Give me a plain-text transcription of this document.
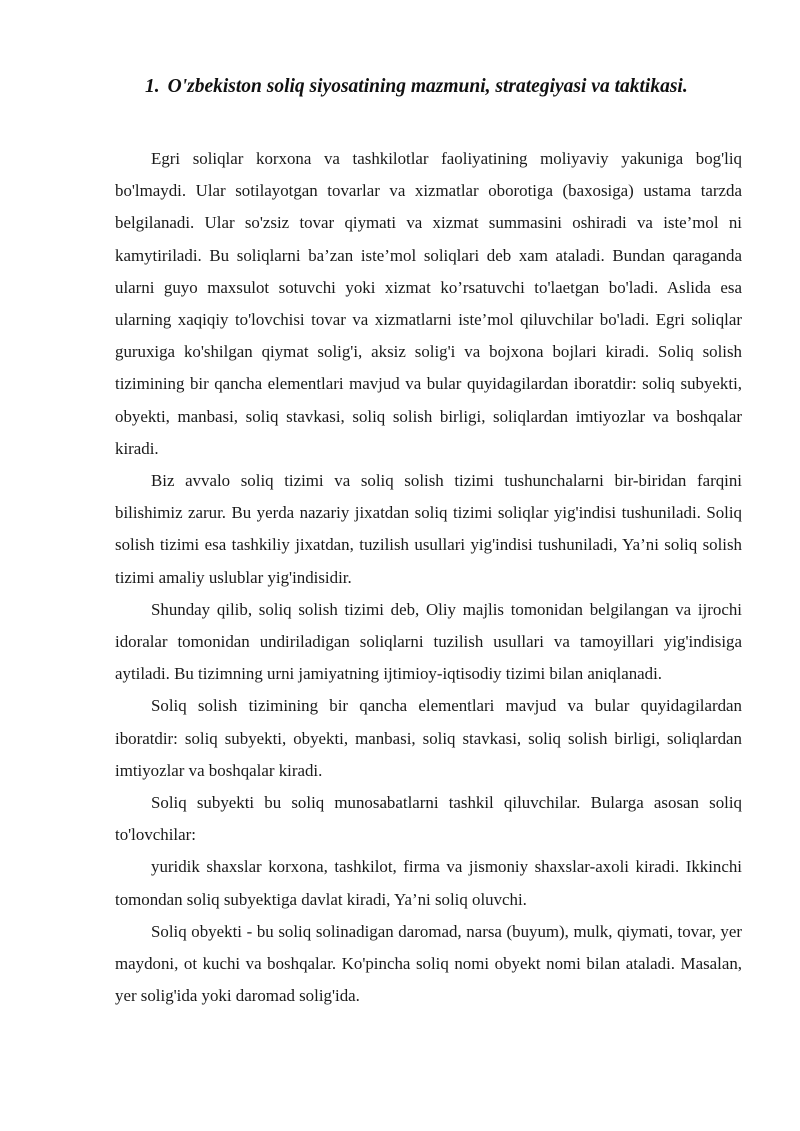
1. O'zbekiston soliq siyosatining mazmuni, strategiyasi va taktikasi.

Egri soliqlar korxona va tashkilotlar faoliyatining moliyaviy yakuniga bog'liq bo'lmaydi. Ular sotilayotgan tovarlar va xizmatlar oborotiga (baxosiga) ustama tarzda belgilanadi. Ular so'zsiz tovar qiymati va xizmat summasini oshiradi va iste’mol ni kamytiriladi. Bu soliqlarni ba’zan iste’mol soliqlari deb xam ataladi. Bundan qaraganda ularni guyo maxsulot sotuvchi yoki xizmat ko’rsatuvchi to'laetgan bo'ladi. Aslida esa ularning xaqiqiy to'lovchisi tovar va xizmatlarni iste’mol qiluvchilar bo'ladi. Egri soliqlar guruxiga ko'shilgan qiymat solig'i, aksiz solig'i va bojxona bojlari kiradi. Soliq solish tizimining bir qancha elementlari mavjud va bular quyidagilardan iboratdir: soliq subyekti, obyekti, manbasi, soliq stavkasi, soliq solish birligi, soliqlardan imtiyozlar va boshqalar kiradi.

Biz avvalo soliq tizimi va soliq solish tizimi tushunchalarni bir-biridan farqini bilishimiz zarur. Bu yerda nazariy jixatdan soliq tizimi soliqlar yig'indisi tushuniladi. Soliq solish tizimi esa tashkiliy jixatdan, tuzilish usullari yig'indisi tushuniladi, Ya’ni soliq solish tizimi amaliy uslublar yig'indisidir.

Shunday qilib, soliq solish tizimi deb, Oliy majlis tomonidan belgilangan va ijrochi idoralar tomonidan undiriladigan soliqlarni tuzilish usullari va tamoyillari yig'indisiga aytiladi. Bu tizimning urni jamiyatning ijtimioy-iqtisodiy tizimi bilan aniqlanadi.

Soliq solish tizimining bir qancha elementlari mavjud va bular quyidagilardan iboratdir: soliq subyekti, obyekti, manbasi, soliq stavkasi, soliq solish birligi, soliqlardan imtiyozlar va boshqalar kiradi.

Soliq subyekti bu soliq munosabatlarni tashkil qiluvchilar. Bularga asosan soliq to'lovchilar:

yuridik shaxslar korxona, tashkilot, firma va jismoniy shaxslar-axoli kiradi. Ikkinchi tomondan soliq subyektiga davlat kiradi, Ya’ni soliq oluvchi.

Soliq obyekti - bu soliq solinadigan daromad, narsa (buyum), mulk, qiymati, tovar, yer maydoni, ot kuchi va boshqalar. Ko'pincha soliq nomi obyekt nomi bilan ataladi. Masalan, yer solig'ida yoki daromad solig'ida.
